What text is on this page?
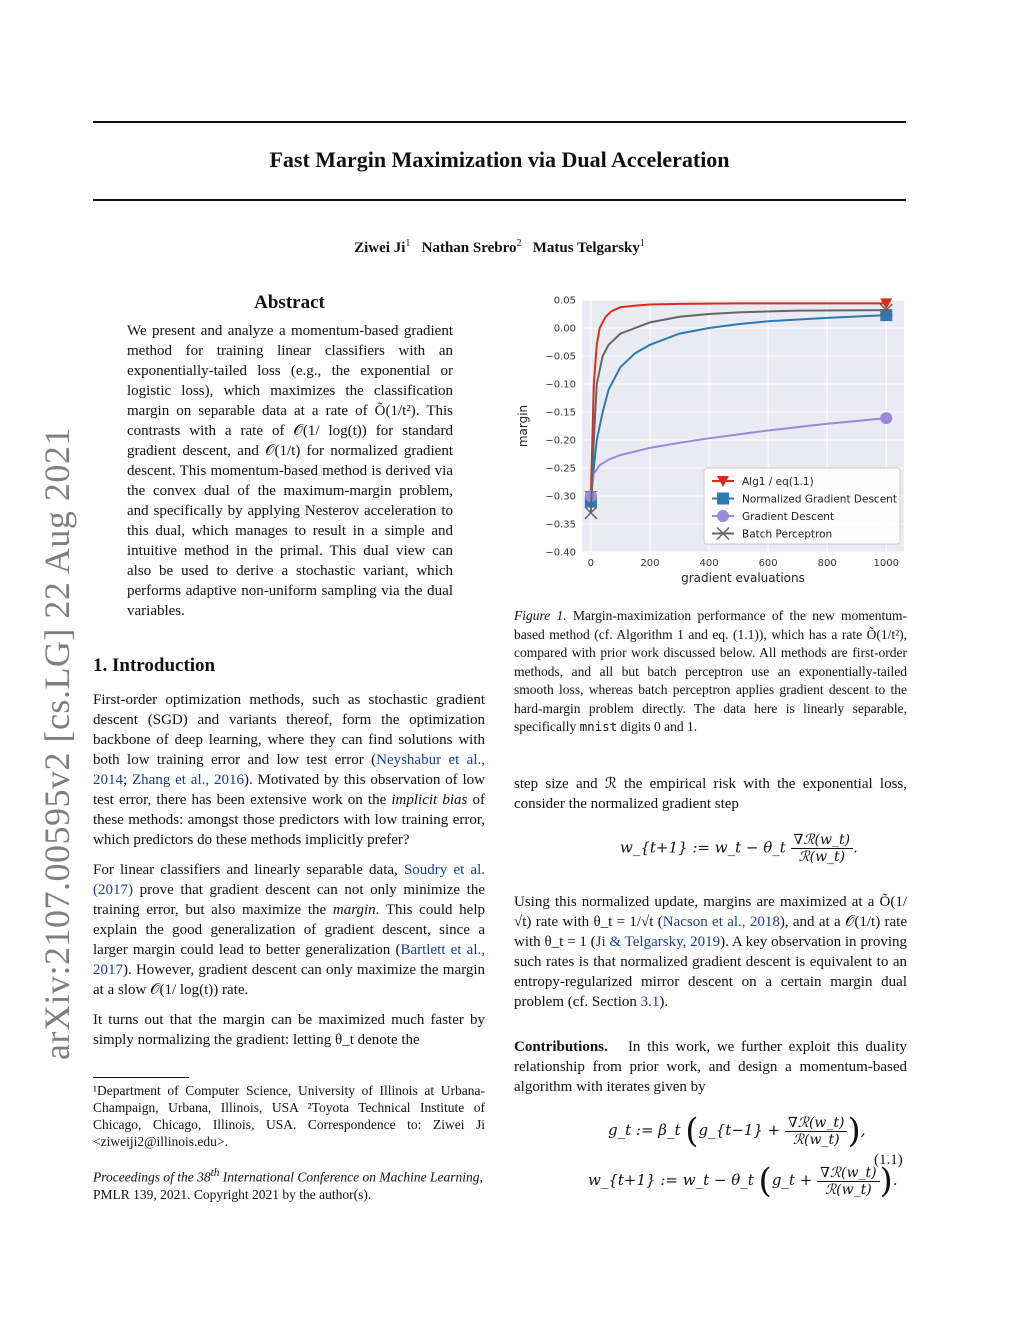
arXiv:2107.00595v2 [cs.LG] 22 Aug 2021
Fast Margin Maximization via Dual Acceleration
Ziwei Ji$^1$ Nathan Srebro$^2$ Matus Telgarsky$^1$
Abstract
We present and analyze a momentum-based gradient method for training linear classifiers with an exponentially-tailed loss (e.g., the exponential or logistic loss), which maximizes the classification margin on separable data at a rate of Õ(1/t²). This contrasts with a rate of 𝒪(1/ log(t)) for standard gradient descent, and 𝒪(1/t) for normalized gradient descent. This momentum-based method is derived via the convex dual of the maximum-margin problem, and specifically by applying Nesterov acceleration to this dual, which manages to result in a simple and intuitive method in the primal. This dual view can also be used to derive a stochastic variant, which performs adaptive non-uniform sampling via the dual variables.
1. Introduction

First-order optimization methods, such as stochastic gradient descent (SGD) and variants thereof, form the optimization backbone of deep learning, where they can find solutions with both low training error and low test error (Neyshabur et al., 2014; Zhang et al., 2016). Motivated by this observation of low test error, there has been extensive work on the implicit bias of these methods: amongst those predictors with low training error, which predictors do these methods implicitly prefer?

For linear classifiers and linearly separable data, Soudry et al. (2017) prove that gradient descent can not only minimize the training error, but also maximize the margin. This could help explain the good generalization of gradient descent, since a larger margin could lead to better generalization (Bartlett et al., 2017). However, gradient descent can only maximize the margin at a slow 𝒪(1/ log(t)) rate.

It turns out that the margin can be maximized much faster by simply normalizing the gradient: letting θ_t denote the

¹Department of Computer Science, University of Illinois at Urbana-Champaign, Urbana, Illinois, USA ²Toyota Technical Institute of Chicago, Chicago, Illinois, USA. Correspondence to: Ziwei Ji <ziweiji2@illinois.edu>.
Proceedings of the 38th International Conference on Machine Learning, PMLR 139, 2021. Copyright 2021 by the author(s).
0	200	400	600	800	1000
0.05
0.00
−0.05
−0.10
−0.15
−0.20
−0.25
−0.30
−0.35
−0.40
gradient evaluations
margin
Alg1 / eq(1.1)
Normalized Gradient Descent
Gradient Descent
Batch Perceptron
Figure 1. Margin-maximization performance of the new momentum-based method (cf. Algorithm 1 and eq. (1.1)), which has a rate Õ(1/t²), compared with prior work discussed below. All methods are first-order methods, and all but batch perceptron use an exponentially-tailed smooth loss, whereas batch perceptron applies gradient descent to the hard-margin problem directly. The data here is linearly separable, specifically mnist digits 0 and 1.
step size and ℛ the empirical risk with the exponential loss, consider the normalized gradient step
w_{t+1} := w_t − θ_t $\frac{\text{∇ℛ(w\_t)}}{\text{ℛ(w\_t)}}$ .
Using this normalized update, margins are maximized at a Õ(1/√t) rate with θ_t = 1/√t (Nacson et al., 2018), and at a 𝒪(1/t) rate with θ_t = 1 (Ji & Telgarsky, 2019). A key observation in proving such rates is that normalized gradient descent is equivalent to an entropy-regularized mirror descent on a certain margin dual problem (cf. Section 3.1).
Contributions. In this work, we further exploit this duality relationship from prior work, and design a momentum-based algorithm with iterates given by
g_t := β_t (g_{t−1} + $\frac{\text{∇ℛ(w\_t)}}{\text{ℛ(w\_t)}}$ ),
w_{t+1} := w_t − θ_t (g_t + $\frac{\text{∇ℛ(w\_t)}}{\text{ℛ(w\_t)}}$ ).
(1.1)
